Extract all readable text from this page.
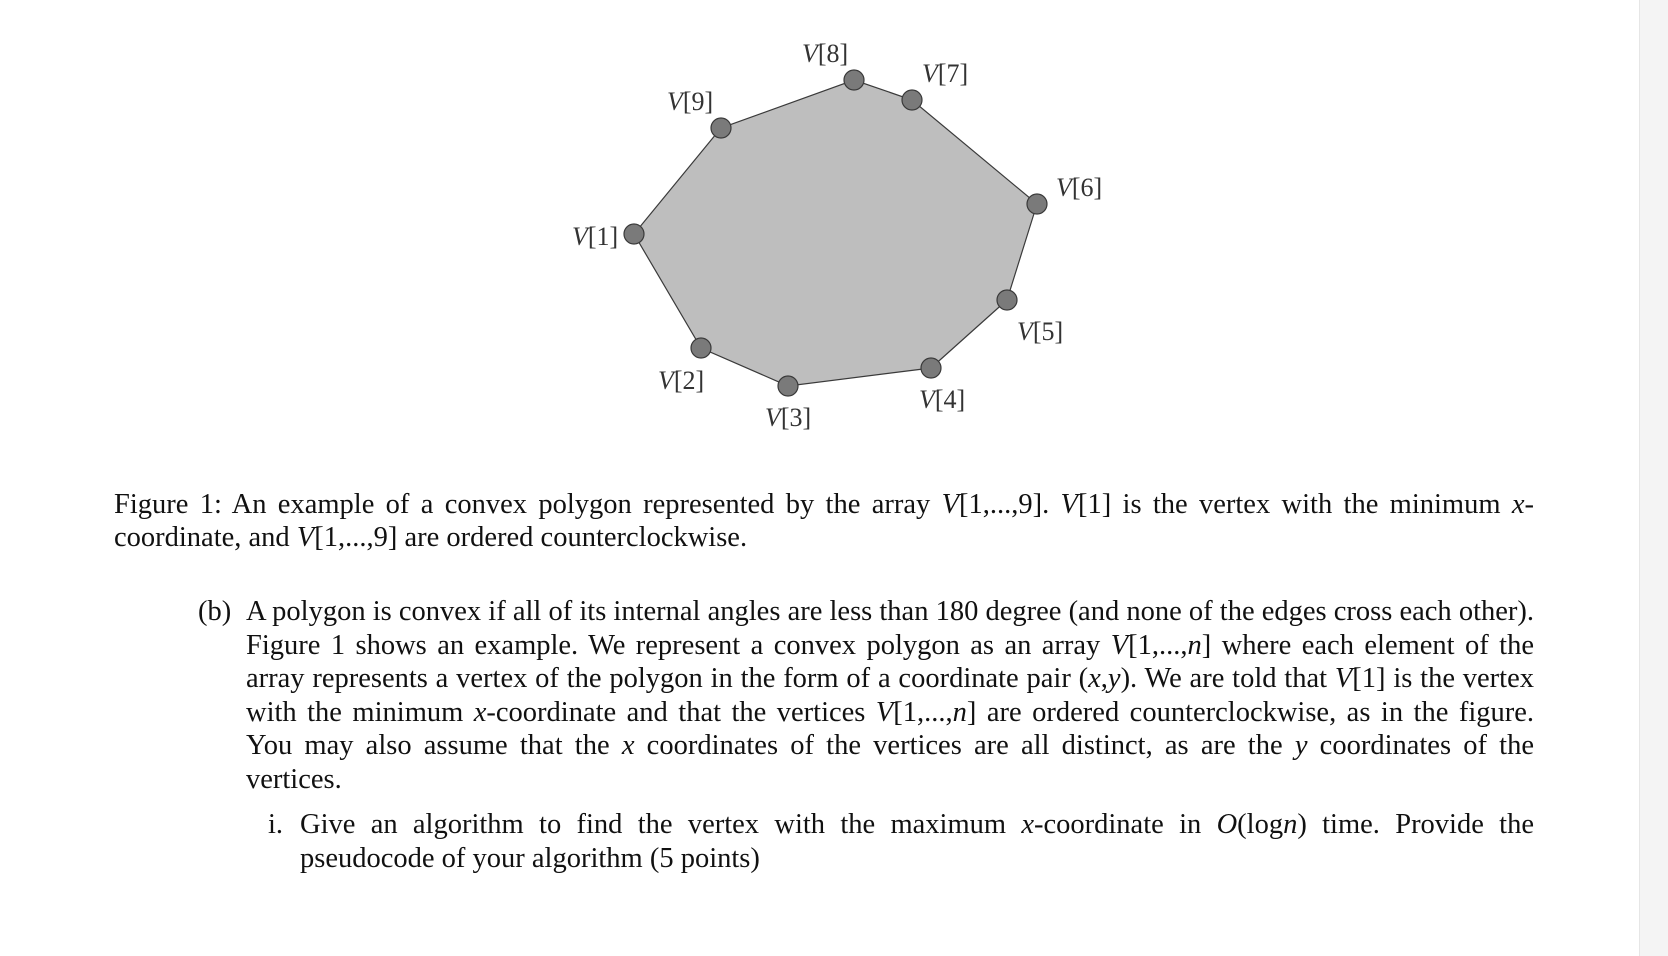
V[1]
V[2]
V[3]
V[4]
V[5]
V[6]
V[7]
V[8]
V[9]
Figure 1: An example of a convex polygon represented by the array V[1,...,9]. V[1] is the vertex with the minimum x-coordinate, and V[1,...,9] are ordered counterclockwise.
(b) A polygon is convex if all of its internal angles are less than 180 degree (and none of the edges cross each other). Figure 1 shows an example. We represent a convex polygon as an array V[1,...,n] where each element of the array represents a vertex of the polygon in the form of a coordinate pair (x,y). We are told that V[1] is the vertex with the minimum x-coordinate and that the vertices V[1,...,n] are ordered counterclockwise, as in the figure. You may also assume that the x coordinates of the vertices are all distinct, as are the y coordinates of the vertices.
i. Give an algorithm to find the vertex with the maximum x-coordinate in O(logn) time. Provide the pseudocode of your algorithm (5 points)
